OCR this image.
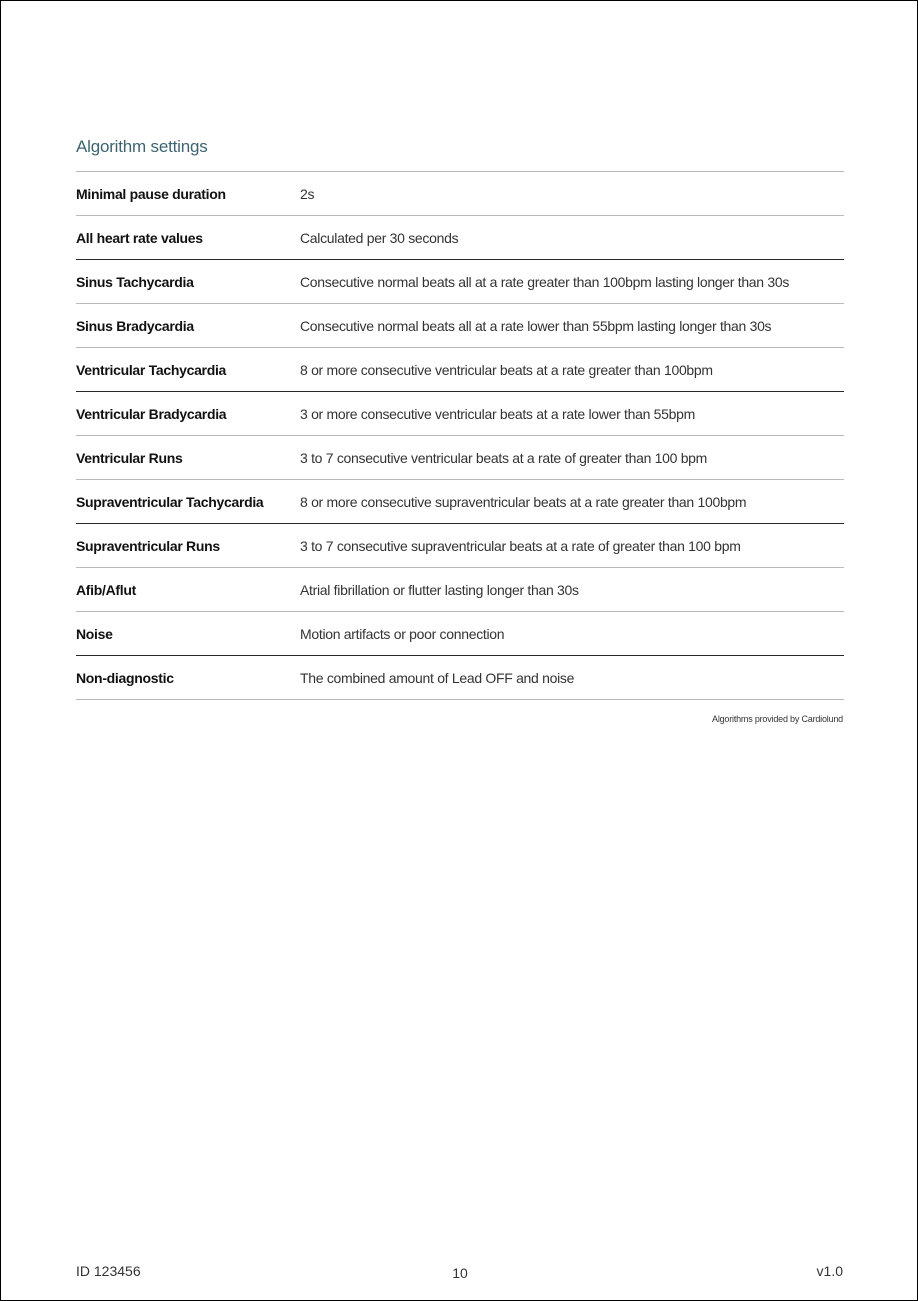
Algorithm settings
Minimal pause duration	2s
All heart rate values	Calculated per 30 seconds
Sinus Tachycardia	Consecutive normal beats all at a rate greater than 100bpm lasting longer than 30s
Sinus Bradycardia	Consecutive normal beats all at a rate lower than 55bpm lasting longer than 30s
Ventricular Tachycardia	8 or more consecutive ventricular beats at a rate greater than 100bpm
Ventricular Bradycardia	3 or more consecutive ventricular beats at a rate lower than 55bpm
Ventricular Runs	3 to 7 consecutive ventricular beats at a rate of greater than 100 bpm
Supraventricular Tachycardia	8 or more consecutive supraventricular beats at a rate greater than 100bpm
Supraventricular Runs	3 to 7 consecutive supraventricular beats at a rate of greater than 100 bpm
Afib/Aflut	Atrial fibrillation or flutter lasting longer than 30s
Noise	Motion artifacts or poor connection
Non-diagnostic	The combined amount of Lead OFF and noise
Algorithms provided by Cardiolund
ID 123456	10	v1.0
